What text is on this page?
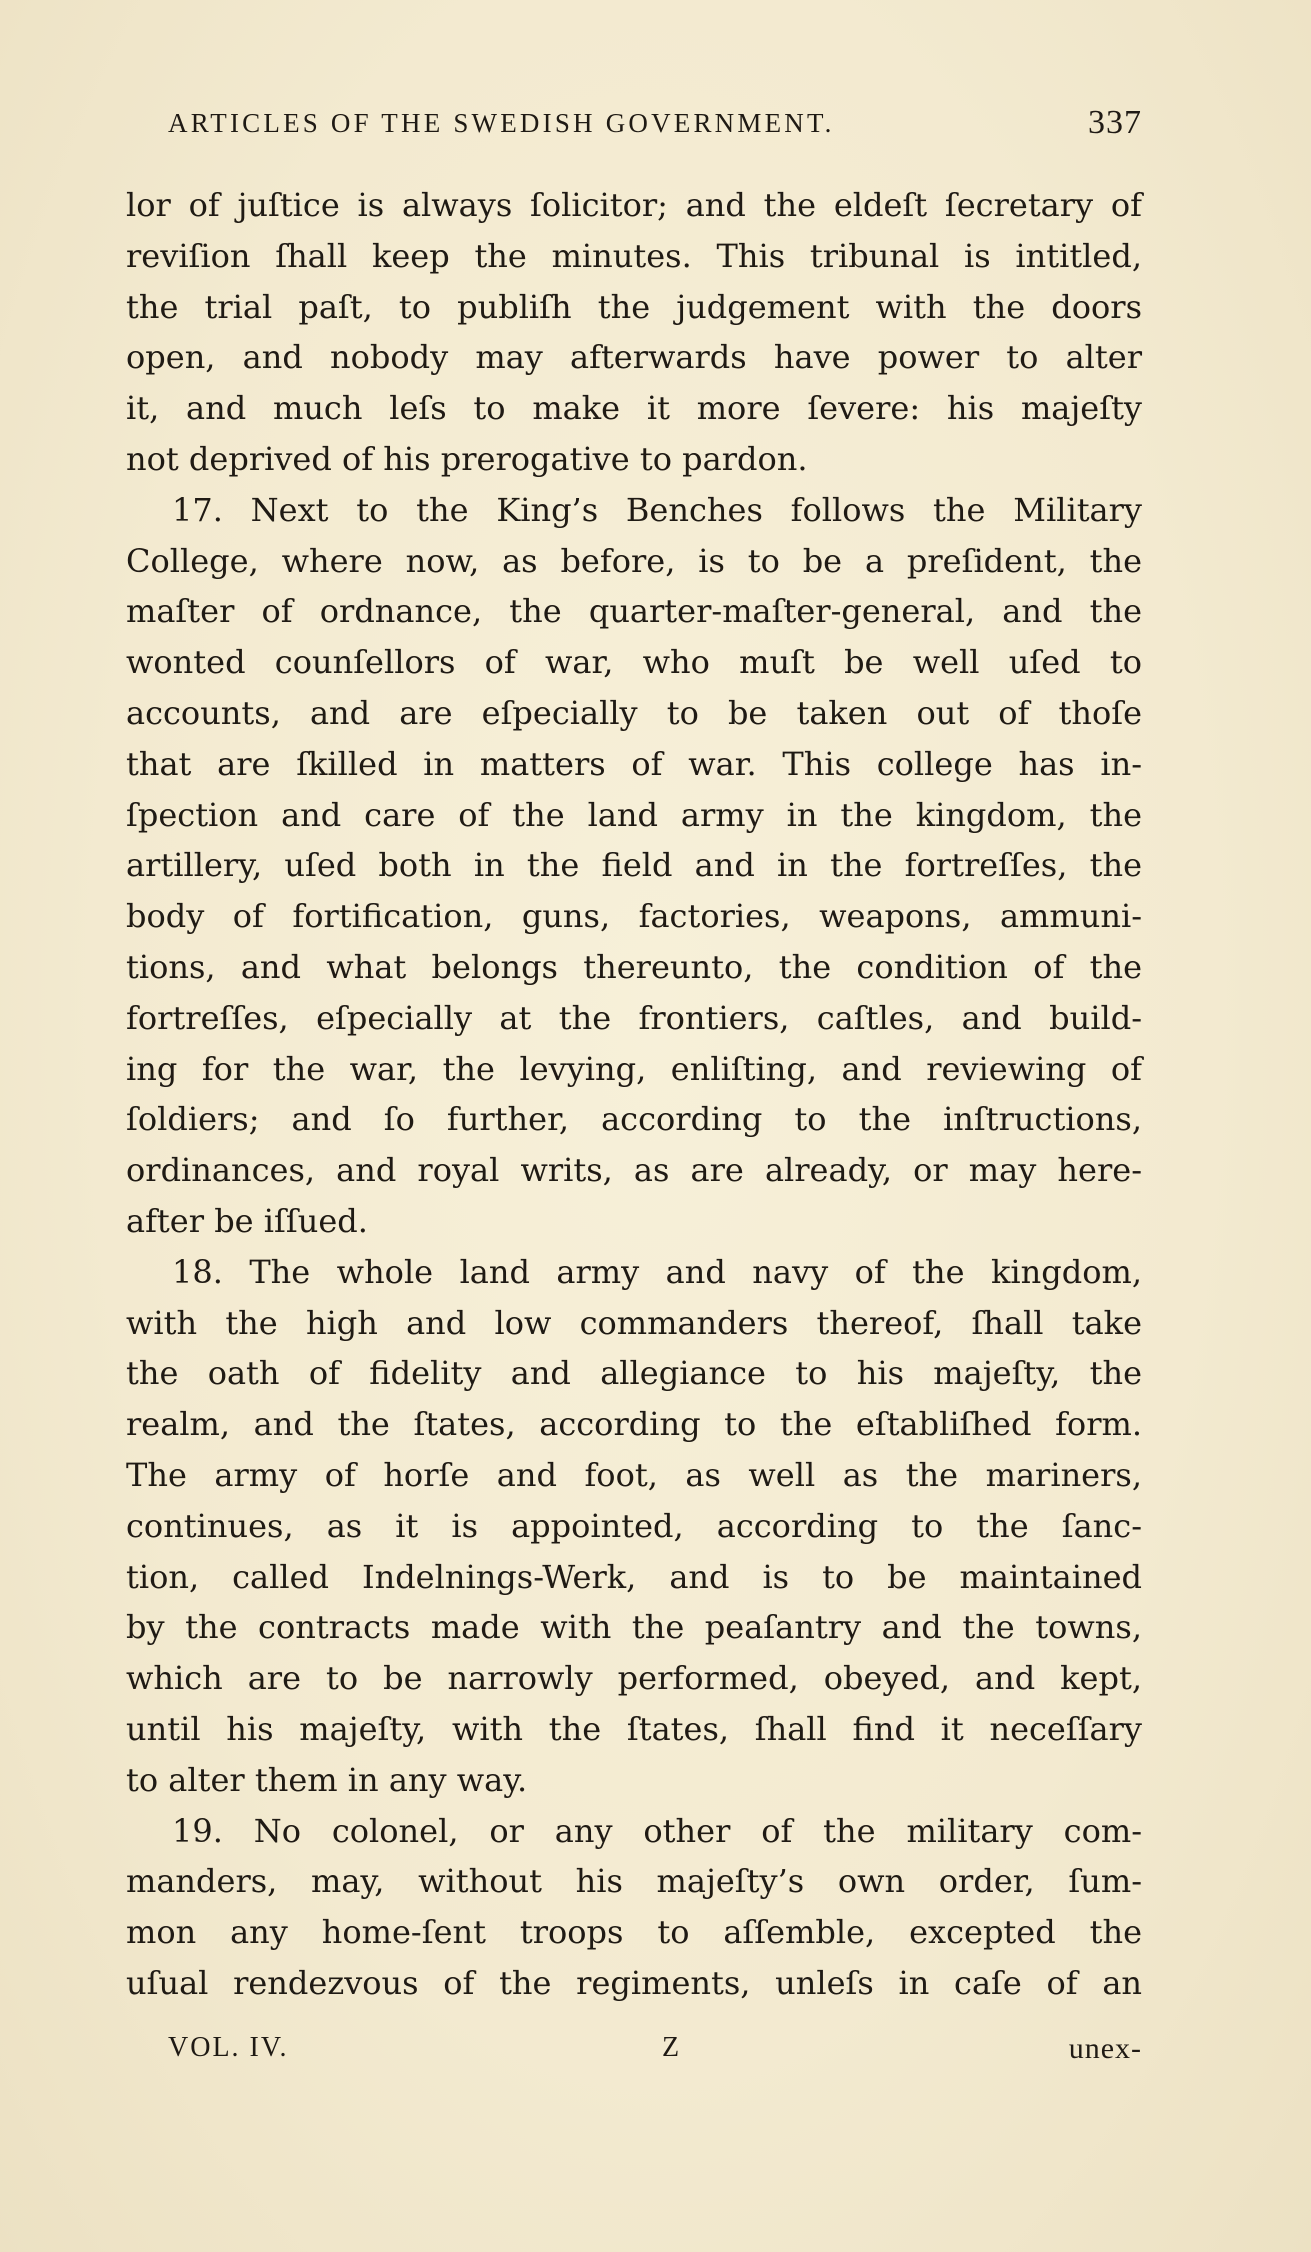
ARTICLES OF THE SWEDISH GOVERNMENT.	337
lor of juſtice is always ſolicitor; and the eldeſt ſecretary of
reviſion ſhall keep the minutes. This tribunal is intitled,
the trial paſt, to publiſh the judgement with the doors
open, and nobody may afterwards have power to alter
it, and much leſs to make it more ſevere: his majeſty
not deprived of his prerogative to pardon.
17. Next to the King’s Benches follows the Military
College, where now, as before, is to be a preſident, the
maſter of ordnance, the quarter-maſter-general, and the
wonted counſellors of war, who muſt be well uſed to
accounts, and are eſpecially to be taken out of thoſe
that are ſkilled in matters of war. This college has in-
ſpection and care of the land army in the kingdom, the
artillery, uſed both in the field and in the fortreſſes, the
body of fortification, guns, factories, weapons, ammuni-
tions, and what belongs thereunto, the condition of the
fortreſſes, eſpecially at the frontiers, caſtles, and build-
ing for the war, the levying, enliſting, and reviewing of
ſoldiers; and ſo further, according to the inſtructions,
ordinances, and royal writs, as are already, or may here-
after be iſſued.
18. The whole land army and navy of the kingdom,
with the high and low commanders thereof, ſhall take
the oath of fidelity and allegiance to his majeſty, the
realm, and the ſtates, according to the eſtabliſhed form.
The army of horſe and foot, as well as the mariners,
continues, as it is appointed, according to the ſanc-
tion, called Indelnings-Werk, and is to be maintained
by the contracts made with the peaſantry and the towns,
which are to be narrowly performed, obeyed, and kept,
until his majeſty, with the ſtates, ſhall find it neceſſary
to alter them in any way.
19. No colonel, or any other of the military com-
manders, may, without his majeſty’s own order, ſum-
mon any home-ſent troops to aſſemble, excepted the
uſual rendezvous of the regiments, unleſs in caſe of an
VOL. IV.	Z	unex-
